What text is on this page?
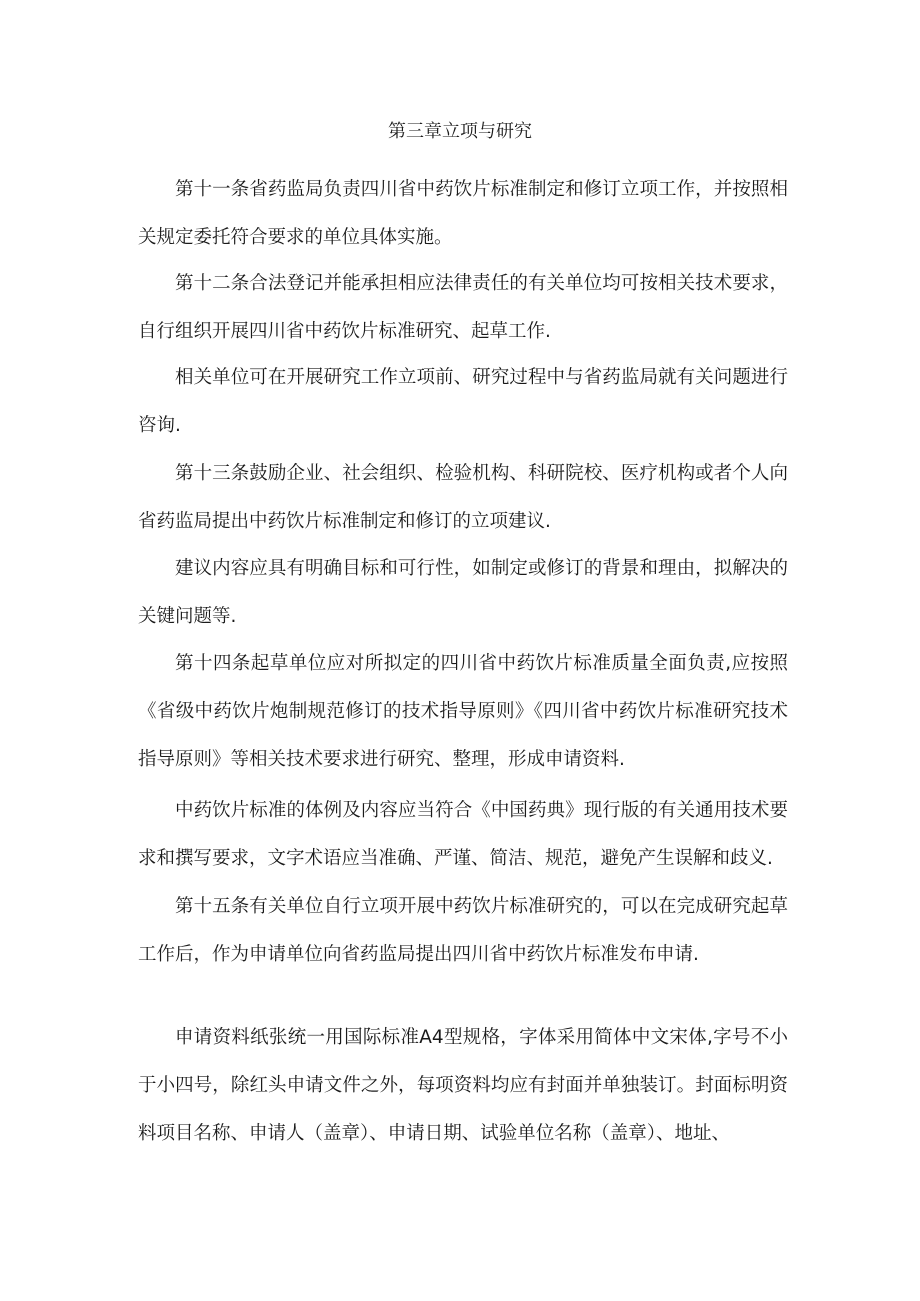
第三章立项与研究
第十一条省药监局负责四川省中药饮片标准制定和修订立项工作，并按照相关规定委托符合要求的单位具体实施。
第十二条合法登记并能承担相应法律责任的有关单位均可按相关技术要求，自行组织开展四川省中药饮片标准研究、起草工作.
相关单位可在开展研究工作立项前、研究过程中与省药监局就有关问题进行咨询.
第十三条鼓励企业、社会组织、检验机构、科研院校、医疗机构或者个人向省药监局提出中药饮片标准制定和修订的立项建议.
建议内容应具有明确目标和可行性，如制定或修订的背景和理由，拟解决的关键问题等.
第十四条起草单位应对所拟定的四川省中药饮片标准质量全面负责,应按照《省级中药饮片炮制规范修订的技术指导原则》《四川省中药饮片标准研究技术指导原则》等相关技术要求进行研究、整理，形成申请资料.
中药饮片标准的体例及内容应当符合《中国药典》现行版的有关通用技术要求和撰写要求，文字术语应当准确、严谨、简洁、规范，避免产生误解和歧义.
第十五条有关单位自行立项开展中药饮片标准研究的，可以在完成研究起草工作后，作为申请单位向省药监局提出四川省中药饮片标准发布申请.
申请资料纸张统一用国际标准A4型规格，字体采用简体中文宋体,字号不小于小四号，除红头申请文件之外，每项资料均应有封面并单独装订。封面标明资料项目名称、申请人（盖章）、申请日期、试验单位名称（盖章）、地址、
